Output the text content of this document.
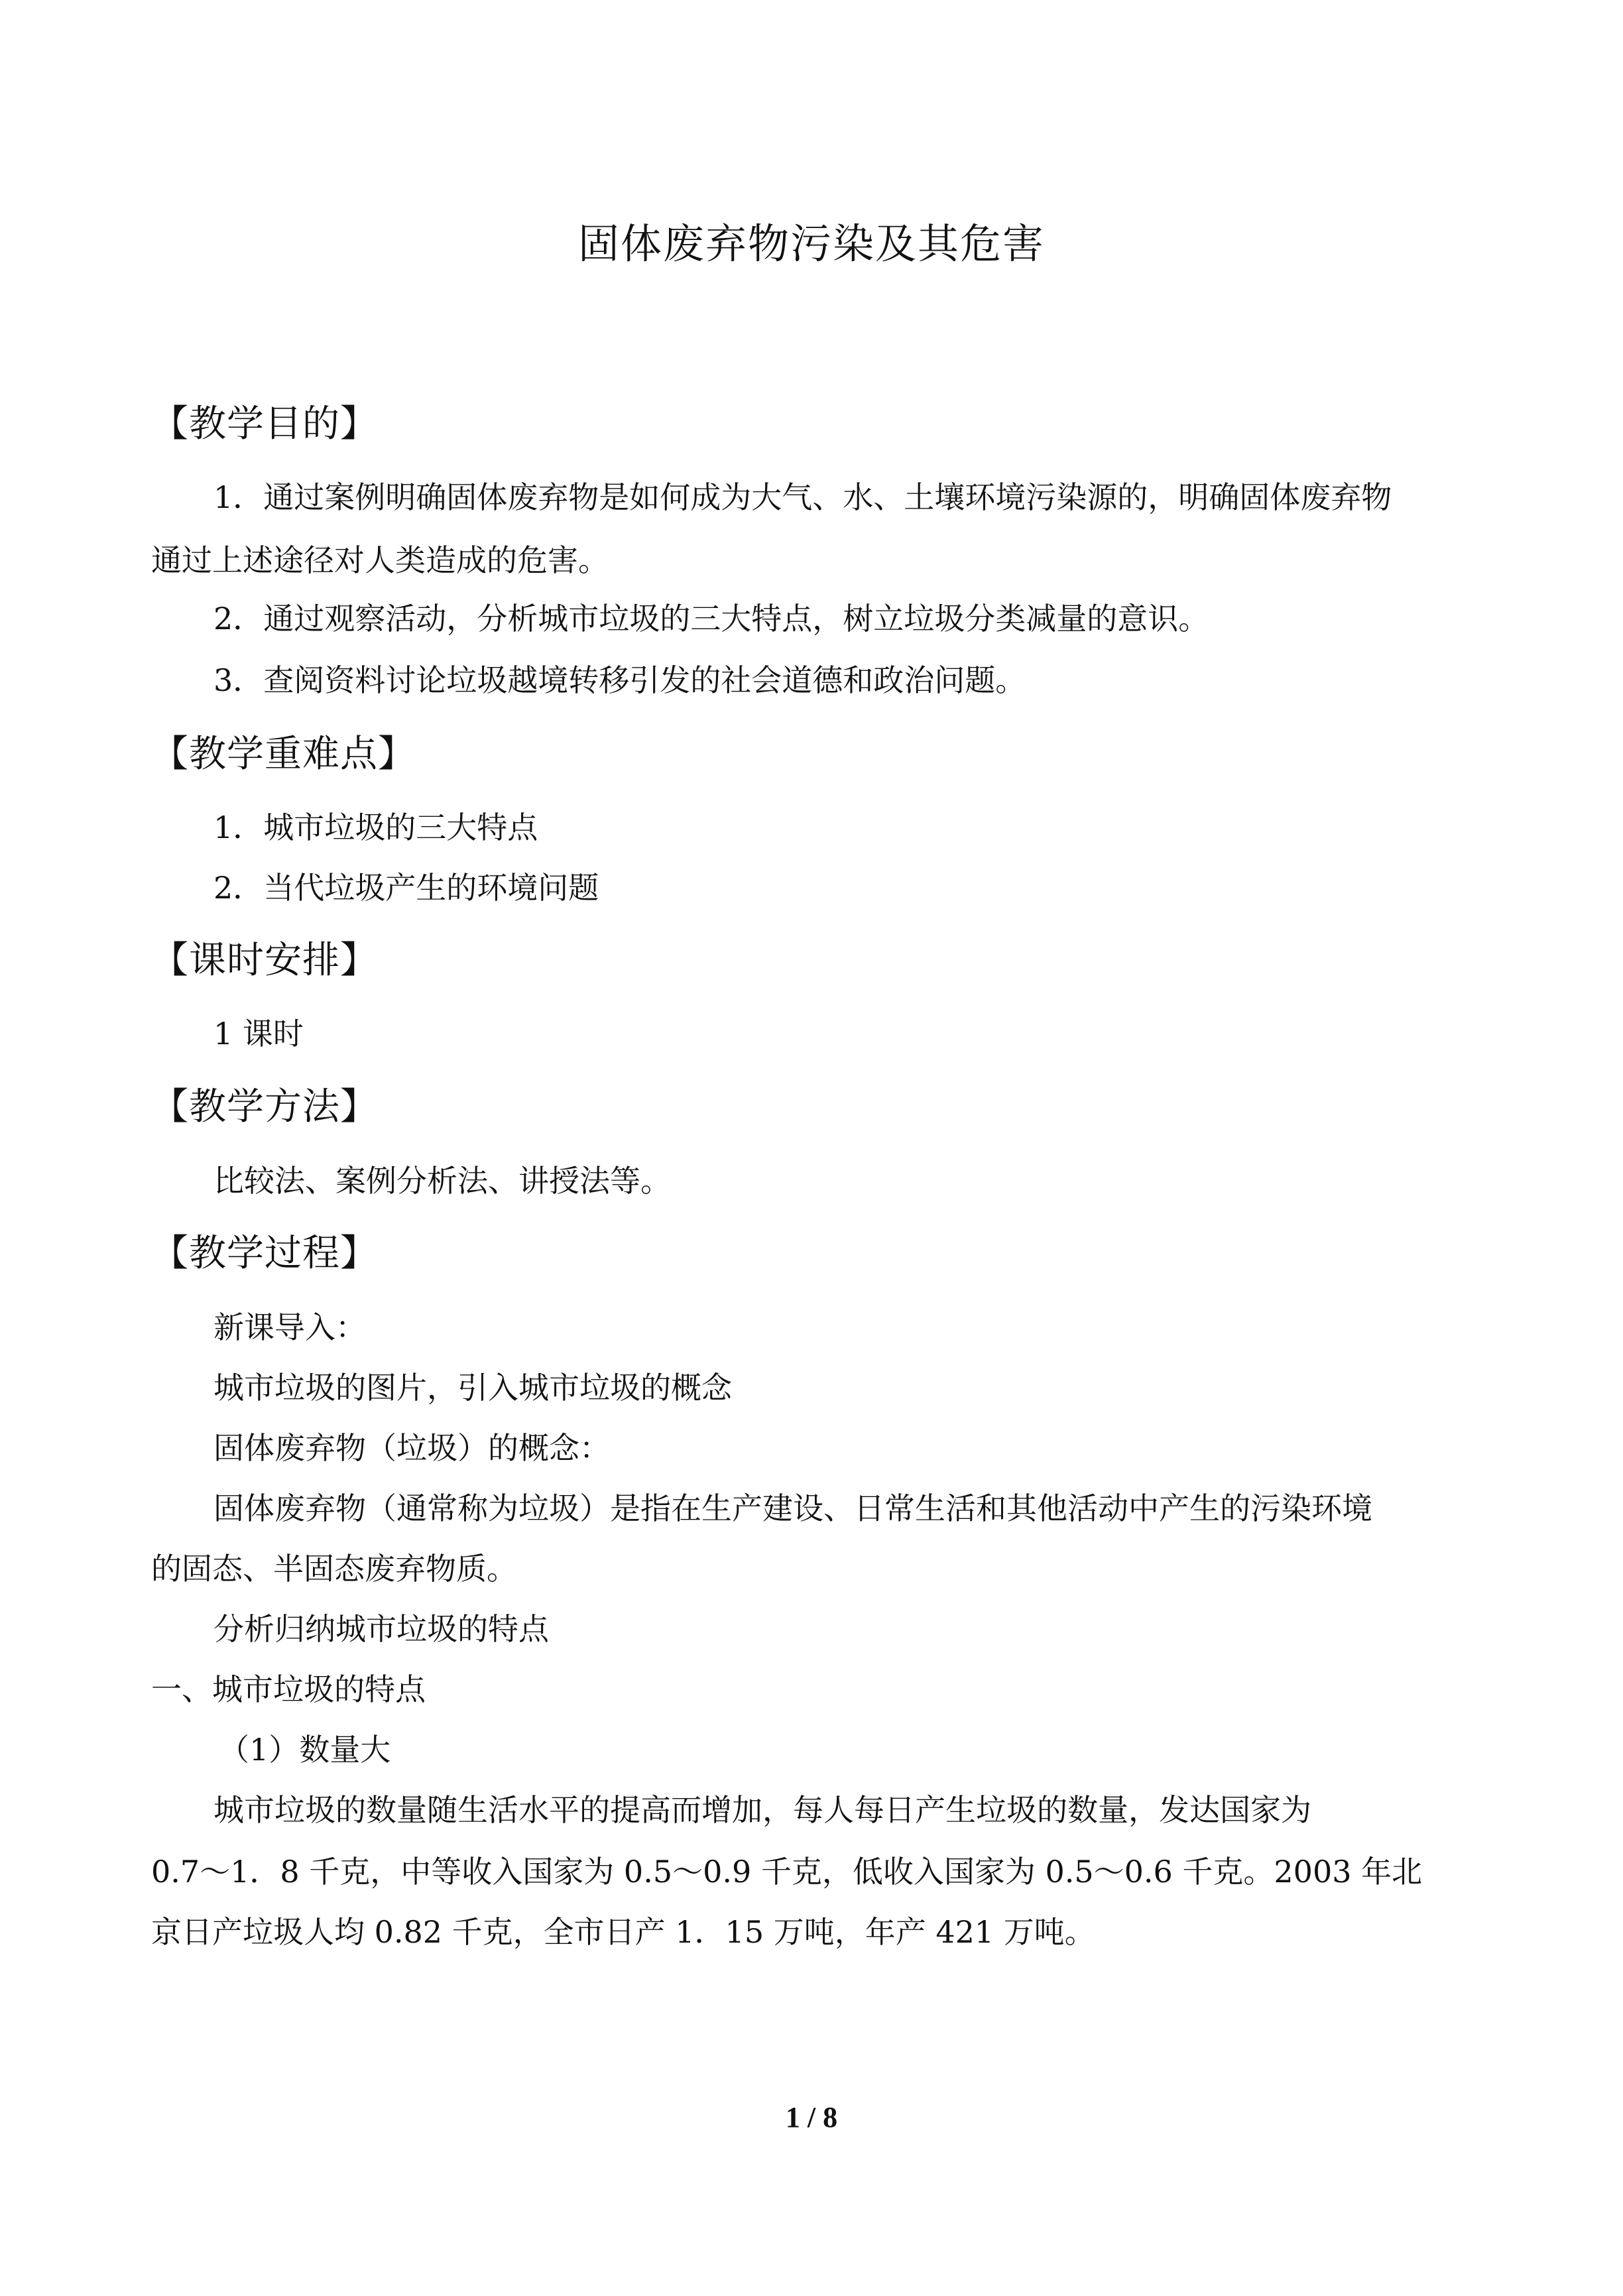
固体废弃物污染及其危害
【教学目的】
1．通过案例明确固体废弃物是如何成为大气、水、土壤环境污染源的，明确固体废弃物
通过上述途径对人类造成的危害。
2．通过观察活动，分析城市垃圾的三大特点，树立垃圾分类减量的意识。
3．查阅资料讨论垃圾越境转移引发的社会道德和政治问题。
【教学重难点】
1．城市垃圾的三大特点
2．当代垃圾产生的环境问题
【课时安排】
1 课时
【教学方法】
比较法、案例分析法、讲授法等。
【教学过程】
新课导入：
城市垃圾的图片，引入城市垃圾的概念
固体废弃物（垃圾）的概念：
固体废弃物（通常称为垃圾）是指在生产建设、日常生活和其他活动中产生的污染环境
的固态、半固态废弃物质。
分析归纳城市垃圾的特点
一、城市垃圾的特点
（1）数量大
城市垃圾的数量随生活水平的提高而增加，每人每日产生垃圾的数量，发达国家为
0.7～1．8 千克，中等收入国家为 0.5～0.9 千克，低收入国家为 0.5～0.6 千克。2003 年北
京日产垃圾人均 0.82 千克，全市日产 1．15 万吨，年产 421 万吨。
1 / 8
